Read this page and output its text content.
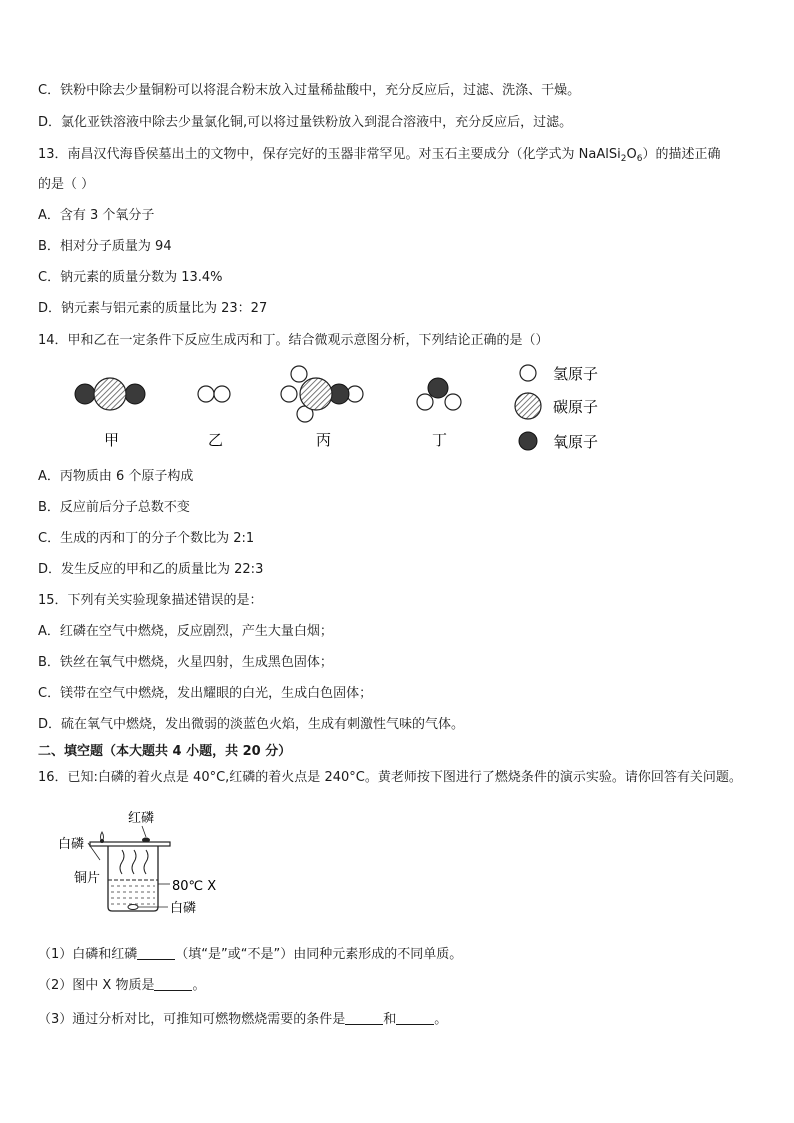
C．铁粉中除去少量铜粉可以将混合粉末放入过量稀盐酸中，充分反应后，过滤、洗涤、干燥。
D．氯化亚铁溶液中除去少量氯化铜,可以将过量铁粉放入到混合溶液中，充分反应后，过滤。
13．南昌汉代海昏侯墓出土的文物中，保存完好的玉器非常罕见。对玉石主要成分（化学式为 $NaAlSi_2O_6$）的描述正确
的是（ ）
A．含有 3 个氧分子
B．相对分子质量为 94
C．钠元素的质量分数为 13.4%
D．钠元素与铝元素的质量比为 23：27
14．甲和乙在一定条件下反应生成丙和丁。结合微观示意图分析，下列结论正确的是（）
甲	乙	丙	丁
氢原子
碳原子
氧原子
A．丙物质由 6 个原子构成
B．反应前后分子总数不变
C．生成的丙和丁的分子个数比为 2:1
D．发生反应的甲和乙的质量比为 22:3
15．下列有关实验现象描述错误的是：
A．红磷在空气中燃烧，反应剧烈，产生大量白烟；
B．铁丝在氧气中燃烧，火星四射，生成黑色固体；
C．镁带在空气中燃烧，发出耀眼的白光，生成白色固体；
D．硫在氧气中燃烧，发出微弱的淡蓝色火焰，生成有刺激性气味的气体。
二、填空题（本大题共 4 小题，共 20 分）
16．已知:白磷的着火点是 40°C,红磷的着火点是 240°C。黄老师按下图进行了燃烧条件的演示实验。请你回答有关问题。
红磷
白磷
铜片
80℃ X
白磷
（1）白磷和红磷	（填“是”或“不是”）由同种元素形成的不同单质。
（2）图中 X 物质是	。
（3）通过分析对比，可推知可燃物燃烧需要的条件是	和	。
